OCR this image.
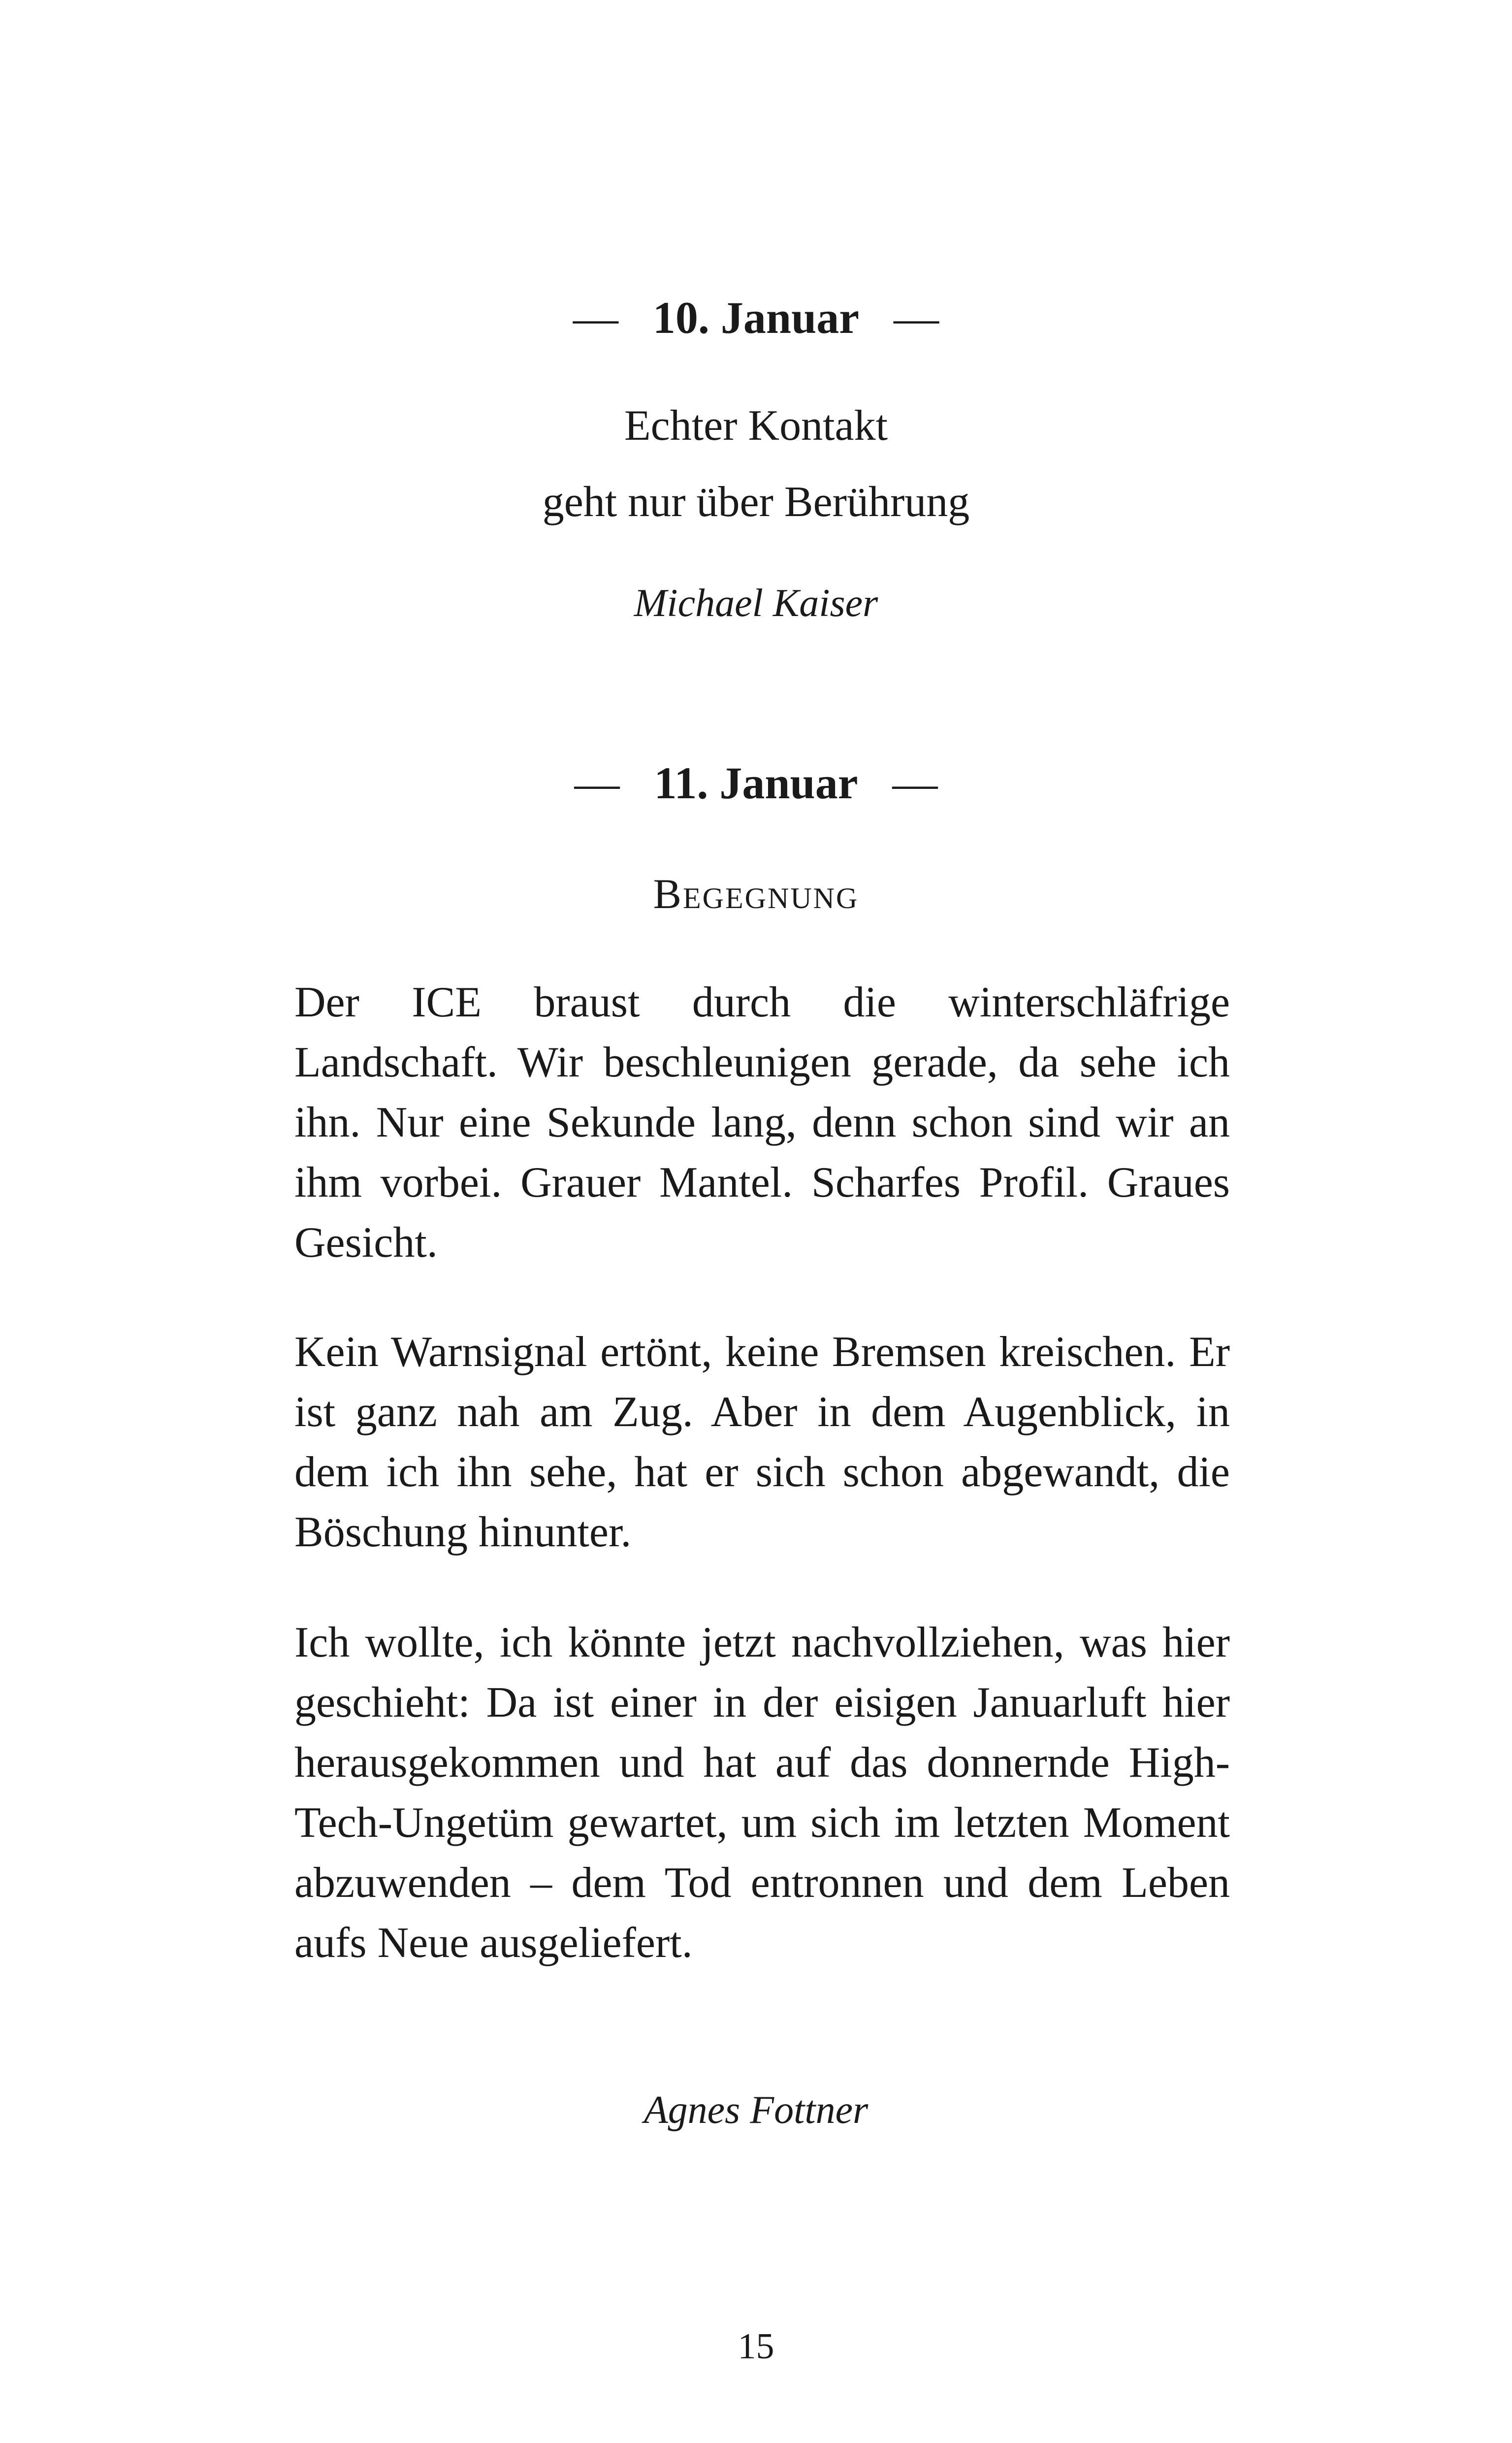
— 10. Januar —
Echter Kontakt
geht nur über Berührung
Michael Kaiser
— 11. Januar —
Begegnung
Der ICE braust durch die winterschläfrige Landschaft. Wir beschleunigen gerade, da sehe ich ihn. Nur eine Sekunde lang, denn schon sind wir an ihm vorbei. Grauer Mantel. Scharfes Profil. Graues Gesicht.
Kein Warnsignal ertönt, keine Bremsen kreischen. Er ist ganz nah am Zug. Aber in dem Augenblick, in dem ich ihn sehe, hat er sich schon abgewandt, die Böschung hinunter.
Ich wollte, ich könnte jetzt nachvollziehen, was hier geschieht: Da ist einer in der eisigen Januarluft hier herausgekommen und hat auf das donnernde High-Tech-Ungetüm gewartet, um sich im letzten Moment abzuwenden – dem Tod entronnen und dem Leben aufs Neue ausgeliefert.
Agnes Fottner
15
